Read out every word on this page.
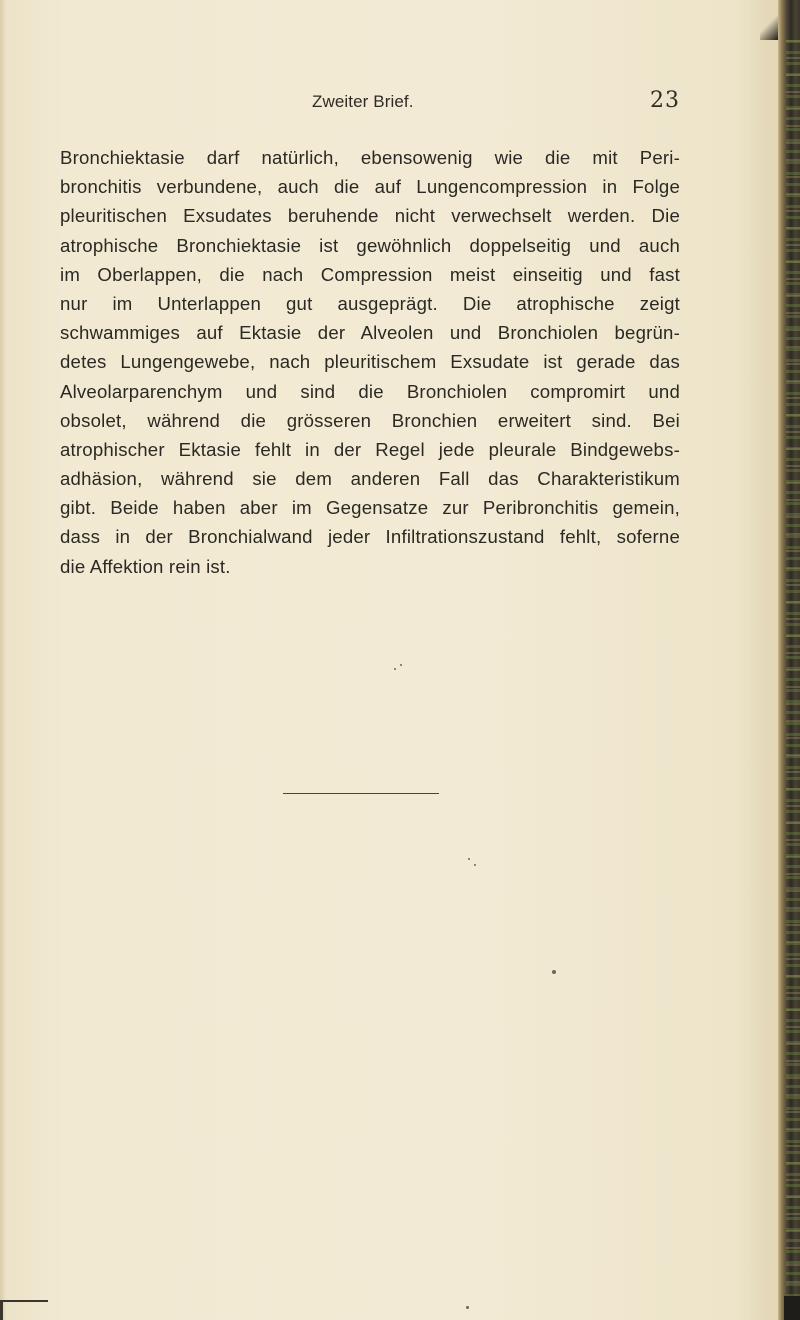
Zweiter Brief.	23
Bronchiektasie darf natürlich, ebensowenig wie die mit Peri-
bronchitis verbundene, auch die auf Lungencompression in Folge
pleuritischen Exsudates beruhende nicht verwechselt werden. Die
atrophische Bronchiektasie ist gewöhnlich doppelseitig und auch
im Oberlappen, die nach Compression meist einseitig und fast
nur im Unterlappen gut ausgeprägt. Die atrophische zeigt
schwammiges auf Ektasie der Alveolen und Bronchiolen begrün-
detes Lungengewebe, nach pleuritischem Exsudate ist gerade das
Alveolarparenchym und sind die Bronchiolen compromirt und
obsolet, während die grösseren Bronchien erweitert sind. Bei
atrophischer Ektasie fehlt in der Regel jede pleurale Bindgewebs-
adhäsion, während sie dem anderen Fall das Charakteristikum
gibt. Beide haben aber im Gegensatze zur Peribronchitis gemein,
dass in der Bronchialwand jeder Infiltrationszustand fehlt, soferne
die Affektion rein ist.
